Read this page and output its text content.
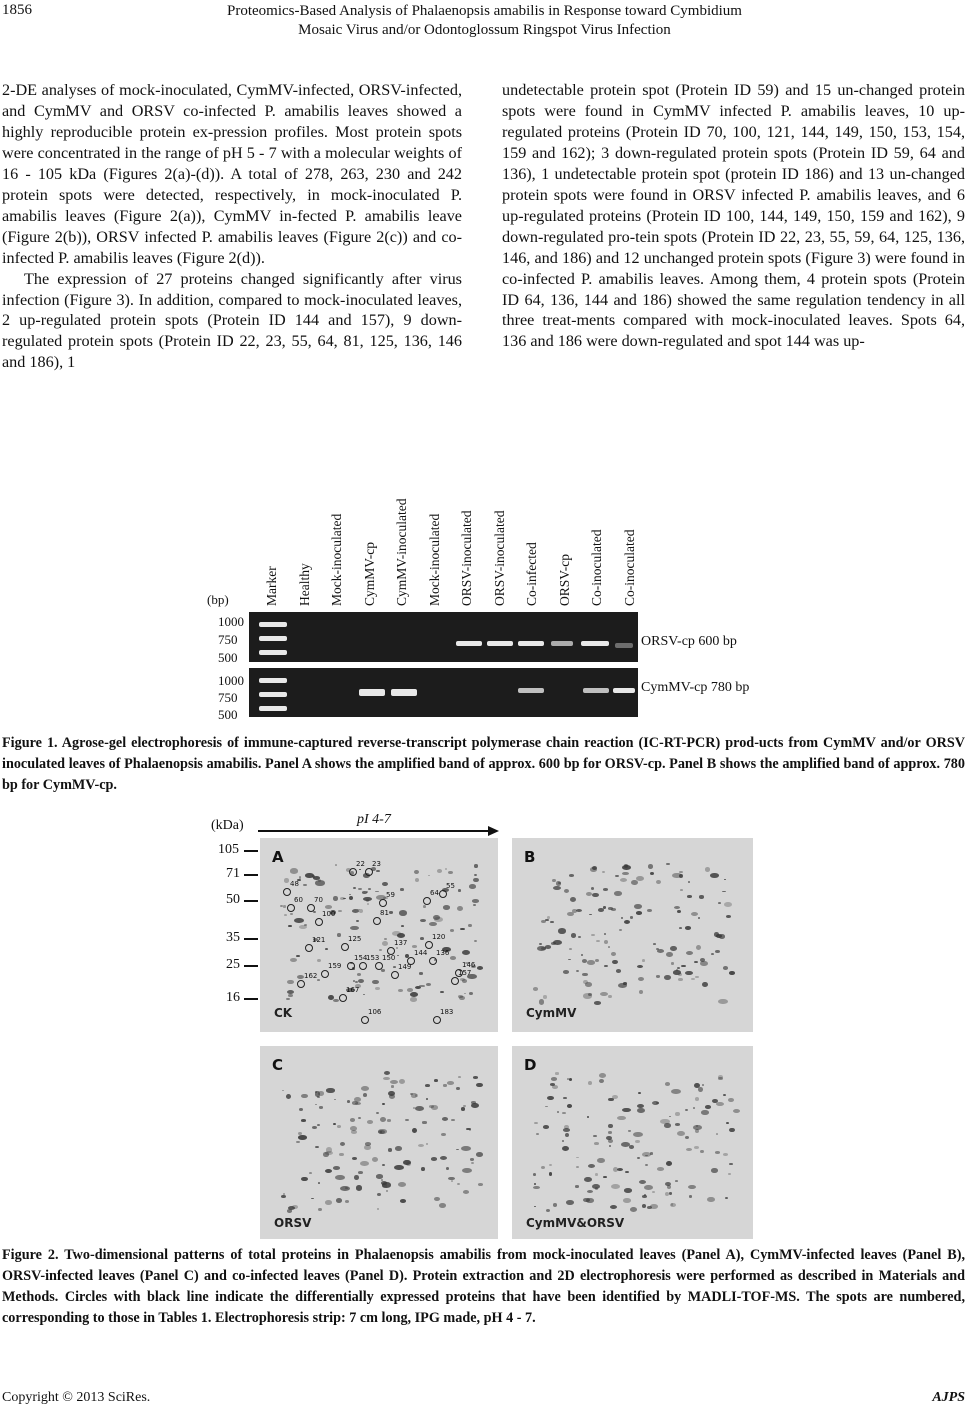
1856	Proteomics-Based Analysis of Phalaenopsis amabilis in Response toward Cymbidium
Mosaic Virus and/or Odontoglossum Ringspot Virus Infection

2-DE analyses of mock-inoculated, CymMV-infected, ORSV-infected, and CymMV and ORSV co-infected P. amabilis leaves showed a highly reproducible protein ex-pression profiles. Most protein spots were concentrated in the range of pH 5 - 7 with a molecular weights of 16 - 105 kDa (Figures 2(a)-(d)). A total of 278, 263, 230 and 242 protein spots were detected, respectively, in mock-inoculated P. amabilis leaves (Figure 2(a)), CymMV in-fected P. amabilis leave (Figure 2(b)), ORSV infected P. amabilis leaves (Figure 2(c)) and co-infected P. amabilis leaves (Figure 2(d)).

The expression of 27 proteins changed significantly after virus infection (Figure 3). In addition, compared to mock-inoculated leaves, 2 up-regulated protein spots (Protein ID 144 and 157), 9 down-regulated protein spots (Protein ID 22, 23, 55, 64, 81, 125, 136, 146 and 186), 1

undetectable protein spot (Protein ID 59) and 15 un-changed protein spots were found in CymMV infected P. amabilis leaves, 10 up-regulated proteins (Protein ID 70, 100, 121, 144, 149, 150, 153, 154, 159 and 162); 3 down-regulated protein spots (Protein ID 59, 64 and 136), 1 undetectable protein spot (protein ID 186) and 13 un-changed protein spots were found in ORSV infected P. amabilis leaves, and 6 up-regulated proteins (Protein ID 100, 144, 149, 150, 159 and 162), 9 down-regulated pro-tein spots (Protein ID 22, 23, 55, 59, 64, 125, 136, 146, and 186) and 12 unchanged protein spots (Figure 3) were found in co-infected P. amabilis leaves. Among them, 4 protein spots (Protein ID 64, 136, 144 and 186) showed the same regulation tendency in all three treat-ments compared with mock-inoculated leaves. Spots 64, 136 and 186 were down-regulated and spot 144 was up-

(bp)	Marker Healthy Mock-inoculated CymMV-cp CymMV-inoculated Mock-inoculated ORSV-inoculated ORSV-inoculated Co-infected ORSV-cp Co-inoculated Co-inoculated
1000
750
500
1000
750
500
ORSV-cp 600 bp
CymMV-cp 780 bp
Figure 1. Agrose-gel electrophoresis of immune-captured reverse-transcript polymerase chain reaction (IC-RT-PCR) prod-ucts from CymMV and/or ORSV inoculated leaves of Phalaenopsis amabilis. Panel A shows the amplified band of approx. 600 bp for ORSV-cp. Panel B shows the amplified band of approx. 780 bp for CymMV-cp.
(kDa)	pI 4-7
105
71
50
35
25
16
A
CK
22 23
48
60 70
59	64
55
100	81
121	125	137
120
144 136
146
154
153 150
149
159
162	157
167
106	183
B
CymMV
C
ORSV
D
CymMV&ORSV
Figure 2. Two-dimensional patterns of total proteins in Phalaenopsis amabilis from mock-inoculated leaves (Panel A), CymMV-infected leaves (Panel B), ORSV-infected leaves (Panel C) and co-infected leaves (Panel D). Protein extraction and 2D electrophoresis were performed as described in Materials and Methods. Circles with black line indicate the differentially expressed proteins that have been identified by MADLI-TOF-MS. The spots are numbered, corresponding to those in Tables 1. Electrophoresis strip: 7 cm long, IPG made, pH 4 - 7.
Copyright © 2013 SciRes.	AJPS
